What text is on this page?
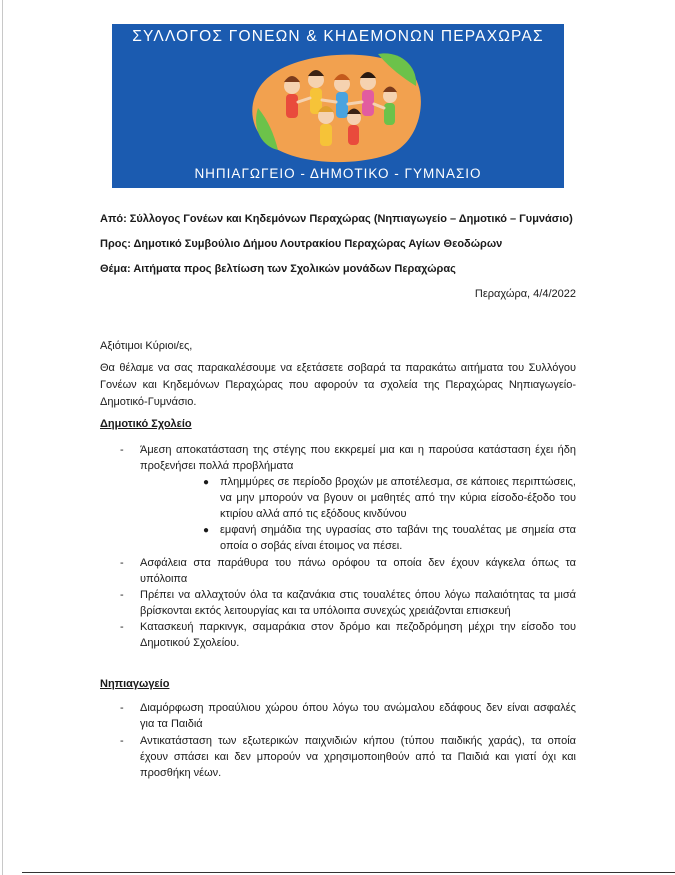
ΣΥΛΛΟΓΟΣ ΓΟΝΕΩΝ & ΚΗΔΕΜΟΝΩΝ ΠΕΡΑΧΩΡΑΣ
ΝΗΠΙΑΓΩΓΕΙΟ - ΔΗΜΟΤΙΚΟ - ΓΥΜΝΑΣΙΟ
Από: Σύλλογος Γονέων και Κηδεμόνων Περαχώρας (Νηπιαγωγείο – Δημοτικό – Γυμνάσιο)
Προς: Δημοτικό Συμβούλιο Δήμου Λουτρακίου Περαχώρας Αγίων Θεοδώρων
Θέμα: Αιτήματα προς βελτίωση των Σχολικών μονάδων Περαχώρας
Περαχώρα, 4/4/2022
Αξιότιμοι Κύριοι/ες,
Θα θέλαμε να σας παρακαλέσουμε να εξετάσετε σοβαρά τα παρακάτω αιτήματα του Συλλόγου Γονέων και Κηδεμόνων Περαχώρας που αφορούν τα σχολεία της Περαχώρας Νηπιαγωγείο-Δημοτικό-Γυμνάσιο.
Δημοτικό Σχολείο
- Άμεση αποκατάσταση της στέγης που εκκρεμεί μια και η παρούσα κατάσταση έχει ήδη προξενήσει πολλά προβλήματα
● πλημμύρες σε περίοδο βροχών με αποτέλεσμα, σε κάποιες περιπτώσεις, να μην μπορούν να βγουν οι μαθητές από την κύρια είσοδο-έξοδο του κτιρίου αλλά από τις εξόδους κινδύνου
● εμφανή σημάδια της υγρασίας στο ταβάνι της τουαλέτας με σημεία στα οποία ο σοβάς είναι έτοιμος να πέσει.
- Ασφάλεια στα παράθυρα του πάνω ορόφου τα οποία δεν έχουν κάγκελα όπως τα υπόλοιπα
- Πρέπει να αλλαχτούν όλα τα καζανάκια στις τουαλέτες όπου λόγω παλαιότητας τα μισά βρίσκονται εκτός λειτουργίας και τα υπόλοιπα συνεχώς χρειάζονται επισκευή
- Κατασκευή παρκινγκ, σαμαράκια στον δρόμο και πεζοδρόμηση μέχρι την είσοδο του Δημοτικού Σχολείου.
Νηπιαγωγείο
- Διαμόρφωση προαύλιου χώρου όπου λόγω του ανώμαλου εδάφους δεν είναι ασφαλές για τα Παιδιά
- Αντικατάσταση των εξωτερικών παιχνιδιών κήπου (τύπου παιδικής χαράς), τα οποία έχουν σπάσει και δεν μπορούν να χρησιμοποιηθούν από τα Παιδιά και γιατί όχι και προσθήκη νέων.
